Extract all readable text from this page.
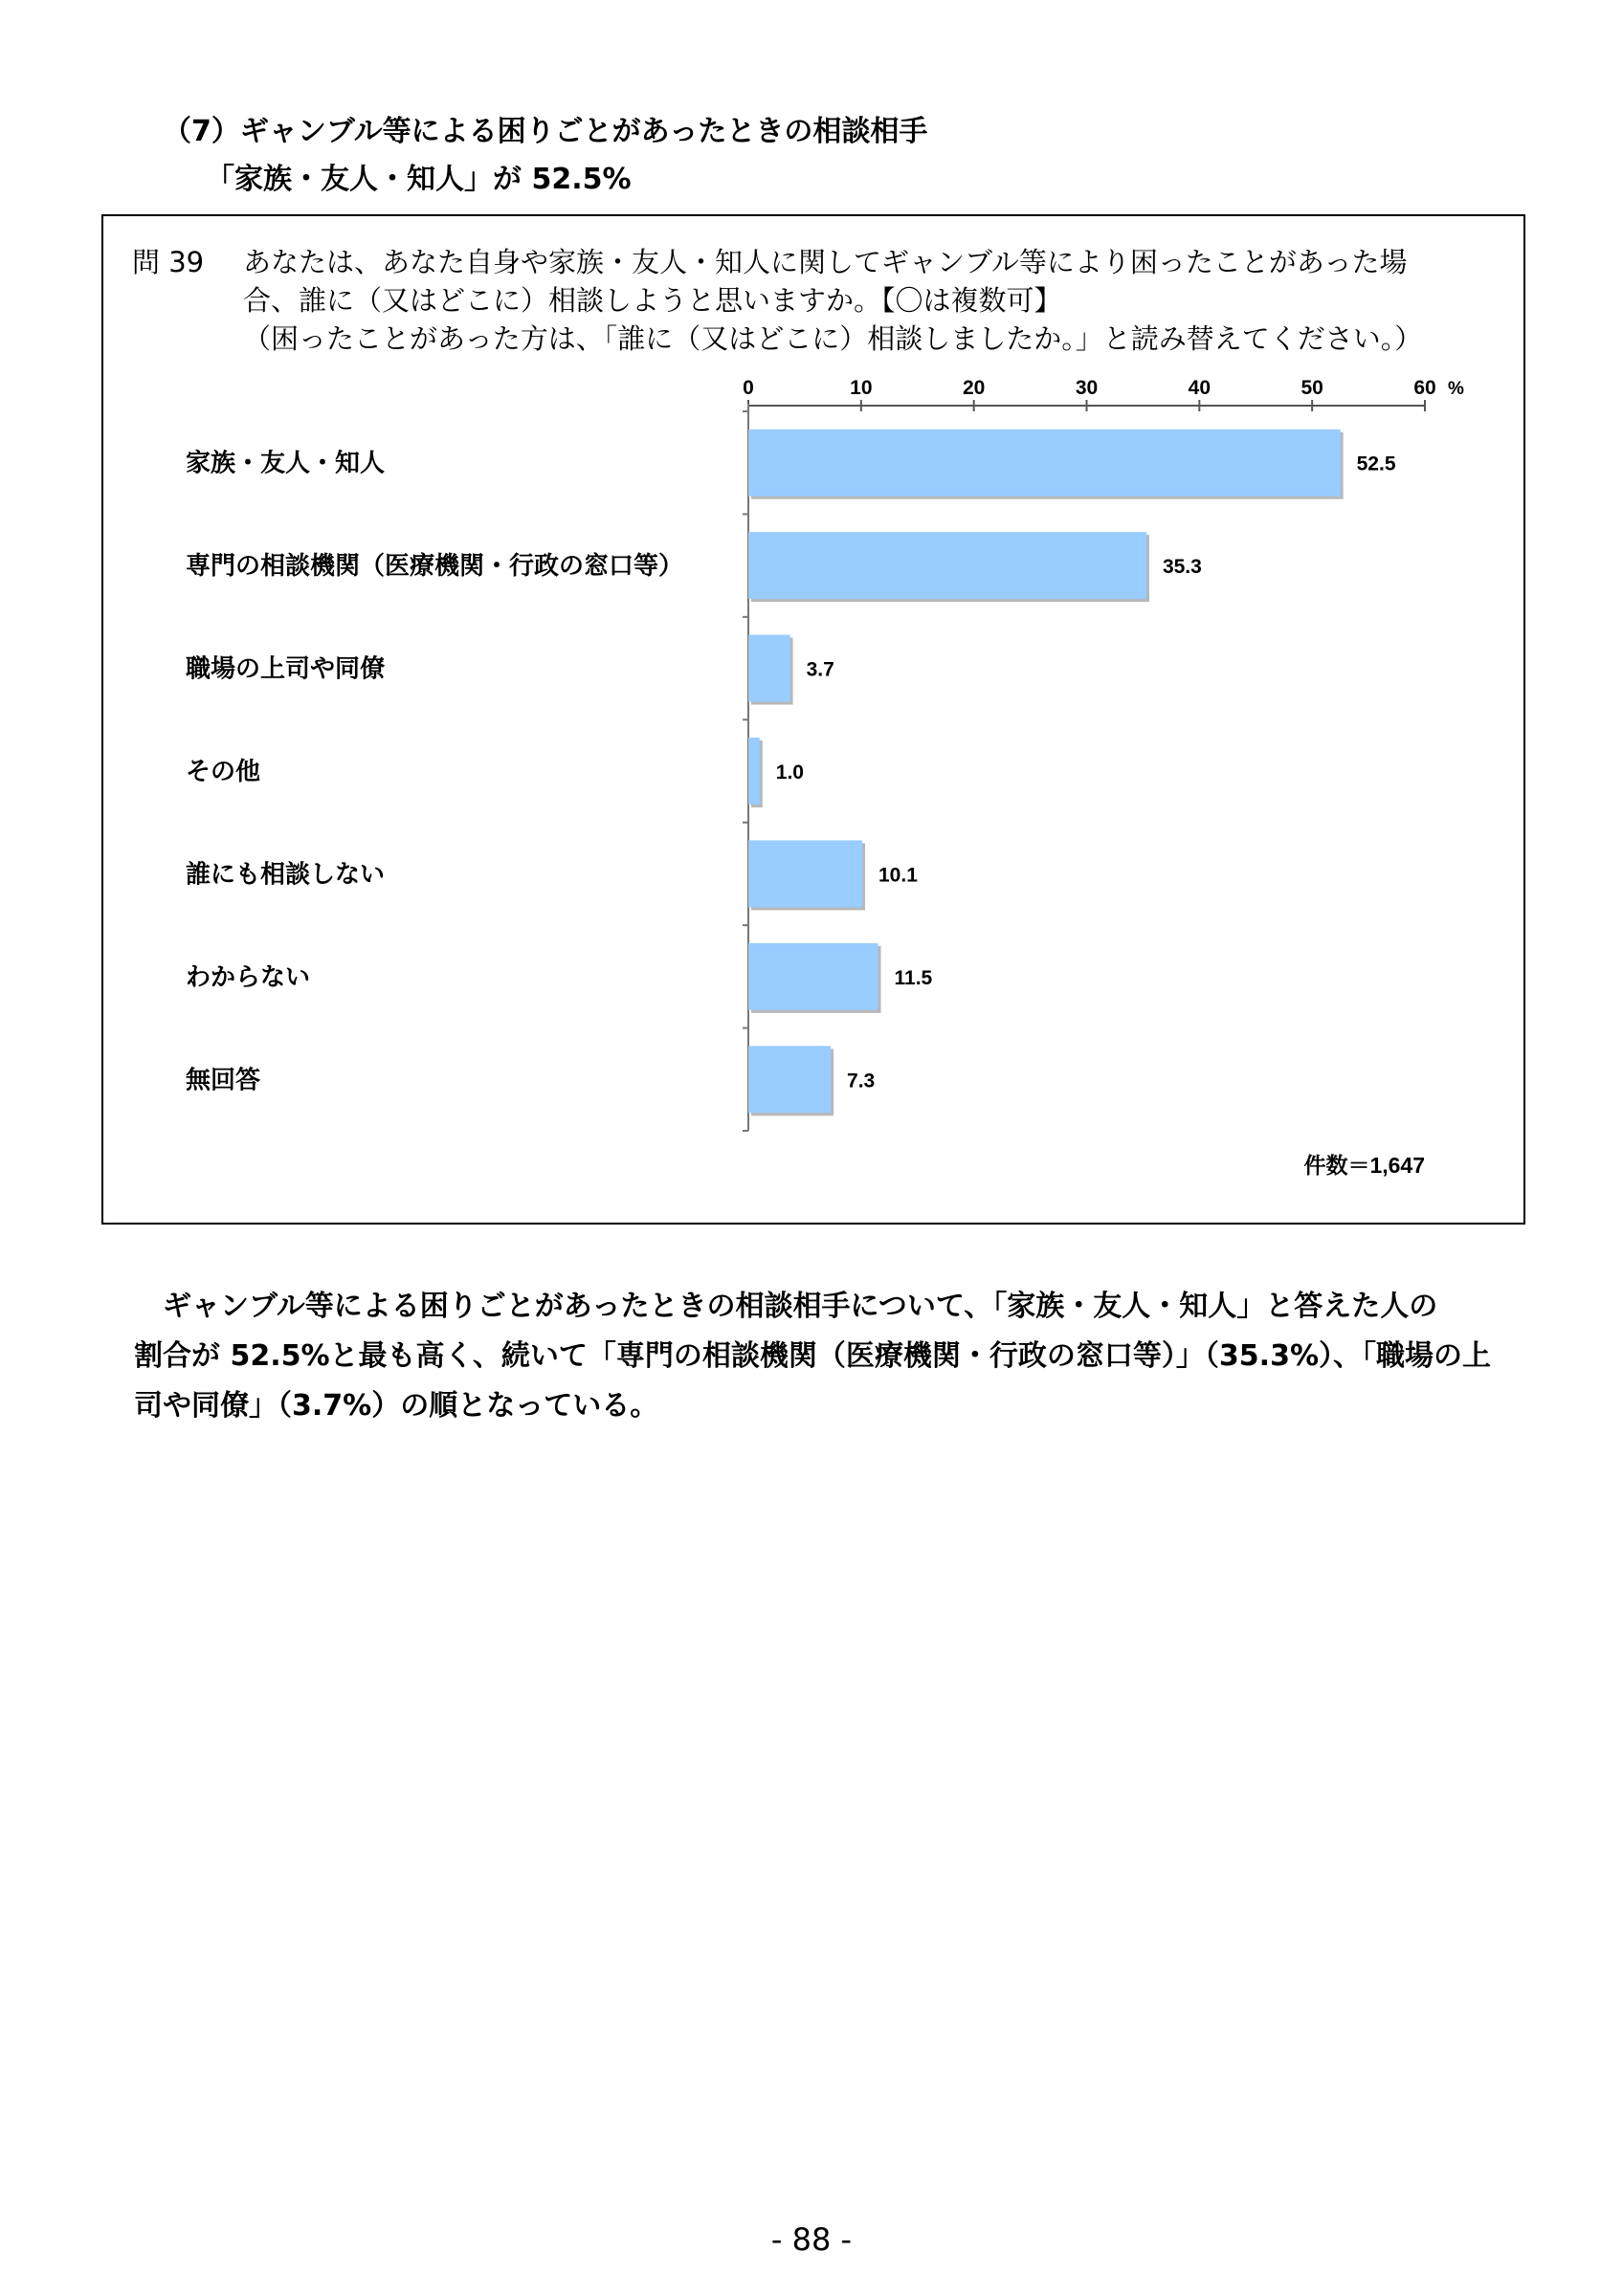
（7）ギャンブル等による困りごとがあったときの相談相手
「家族・友人・知人」が 52.5%
問 39 あなたは、あなた自身や家族・友人・知人に関してギャンブル等により困ったことがあった場
合、誰に（又はどこに）相談しようと思いますか。【〇は複数可】
（困ったことがあった方は、「誰に（又はどこに）相談しましたか。」と読み替えてください。）
0	10	20	30	40	50	60 %
52.5
家族・友人・知人
35.3
専門の相談機関（医療機関・行政の窓口等）
3.7
職場の上司や同僚
1.0
その他
10.1
誰にも相談しない
11.5
わからない
7.3
無回答
件数＝1,647

ギャンブル等による困りごとがあったときの相談相手について、「家族・友人・知人」と答えた人の

割合が 52.5%と最も高く、続いて「専門の相談機関（医療機関・行政の窓口等）」（35.3%）、「職場の上

司や同僚」（3.7%）の順となっている。

- 88 -
